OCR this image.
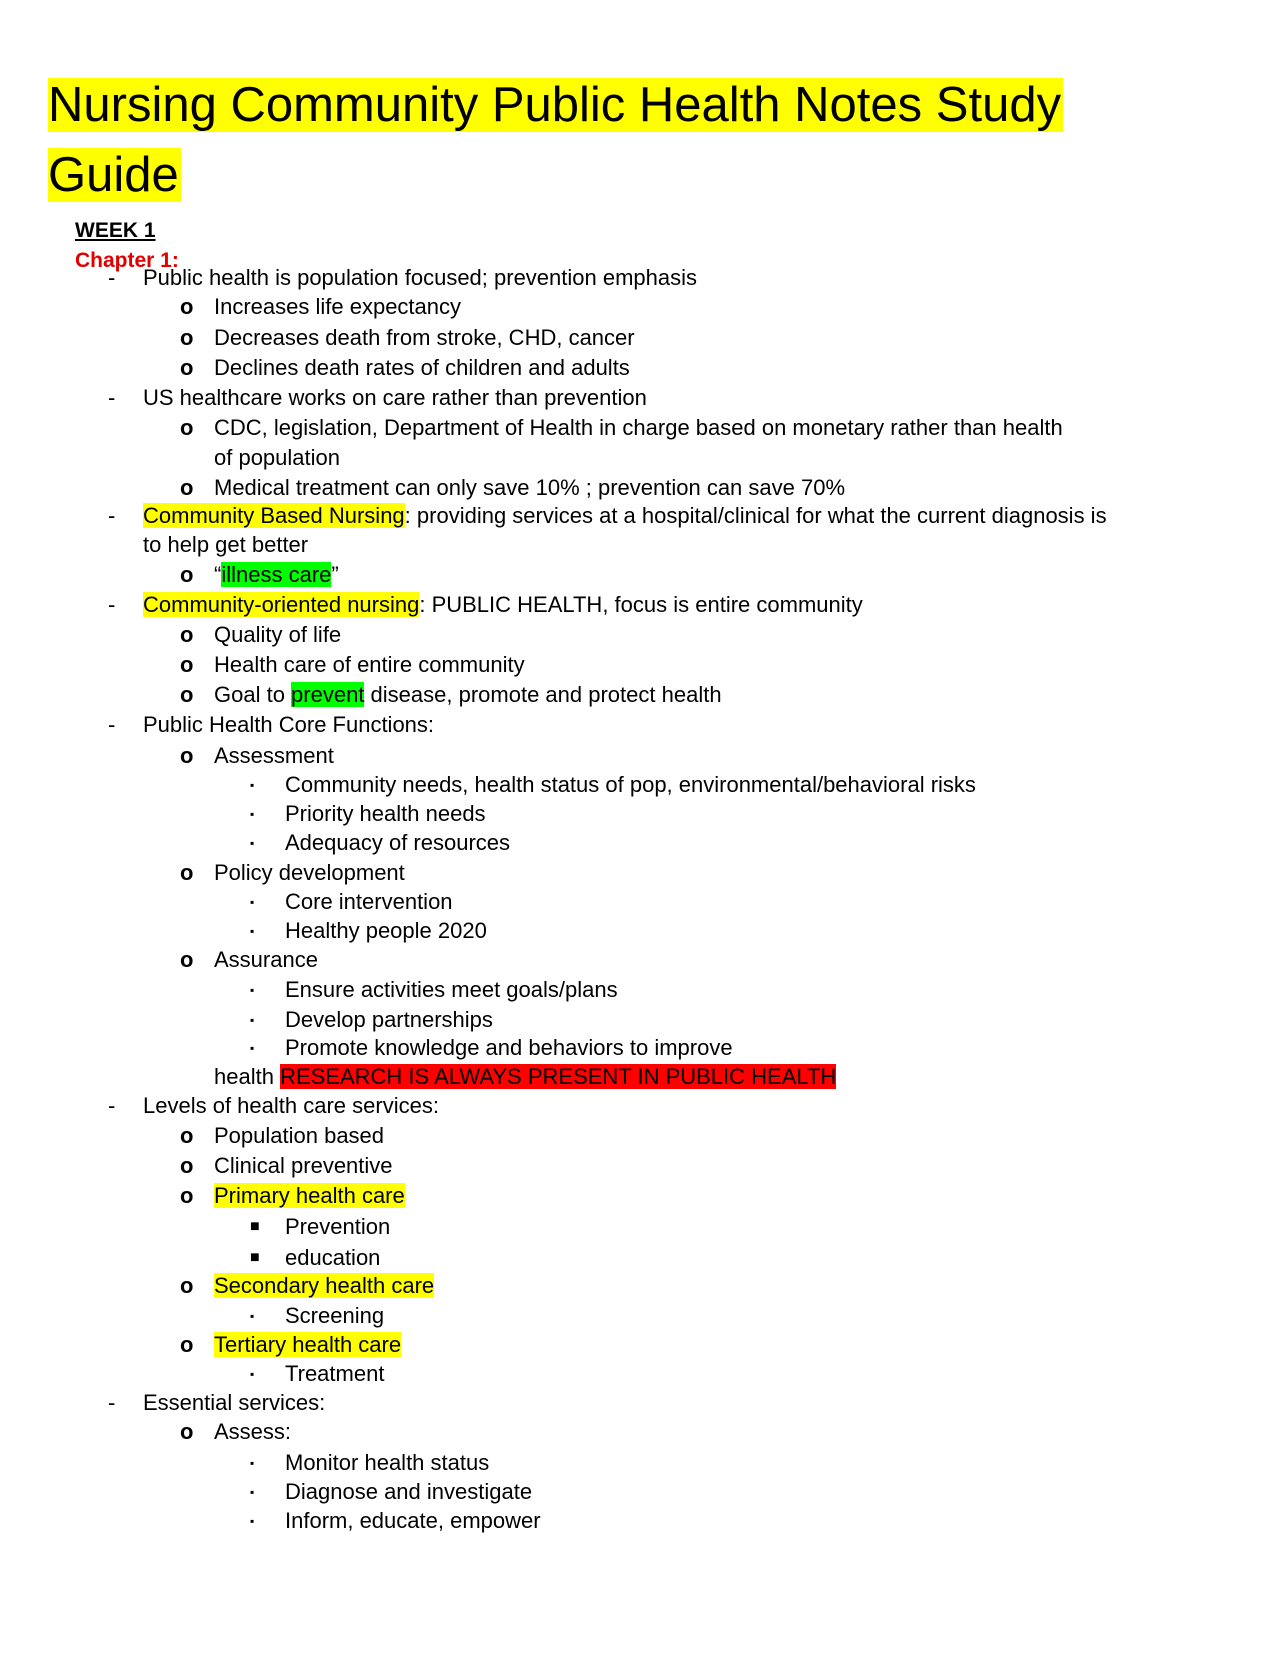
Nursing Community Public Health Notes Study Guide
WEEK 1
Chapter 1:
-	Public health is population focused; prevention emphasis
o Increases life expectancy
o Decreases death from stroke, CHD, cancer
o Declines death rates of children and adults
-	US healthcare works on care rather than prevention
o CDC, legislation, Department of Health in charge based on monetary rather than health
of population
o Medical treatment can only save 10% ; prevention can save 70%
-	Community Based Nursing: providing services at a hospital/clinical for what the current diagnosis is
to help get better
o “illness care”
-	Community-oriented nursing: PUBLIC HEALTH, focus is entire community
o Quality of life
o Health care of entire community
o Goal to prevent disease, promote and protect health
-	Public Health Core Functions:
o Assessment
▪ Community needs, health status of pop, environmental/behavioral risks
▪ Priority health needs
▪ Adequacy of resources
o Policy development
▪ Core intervention
▪ Healthy people 2020
o Assurance
▪ Ensure activities meet goals/plans
▪ Develop partnerships
▪ Promote knowledge and behaviors to improve
health RESEARCH IS ALWAYS PRESENT IN PUBLIC HEALTH
-	Levels of health care services:
o Population based
o Clinical preventive
o Primary health care
■ Prevention
■ education
o Secondary health care
▪ Screening
o Tertiary health care
▪ Treatment
-	Essential services:
o Assess:
▪ Monitor health status
▪ Diagnose and investigate
▪ Inform, educate, empower
